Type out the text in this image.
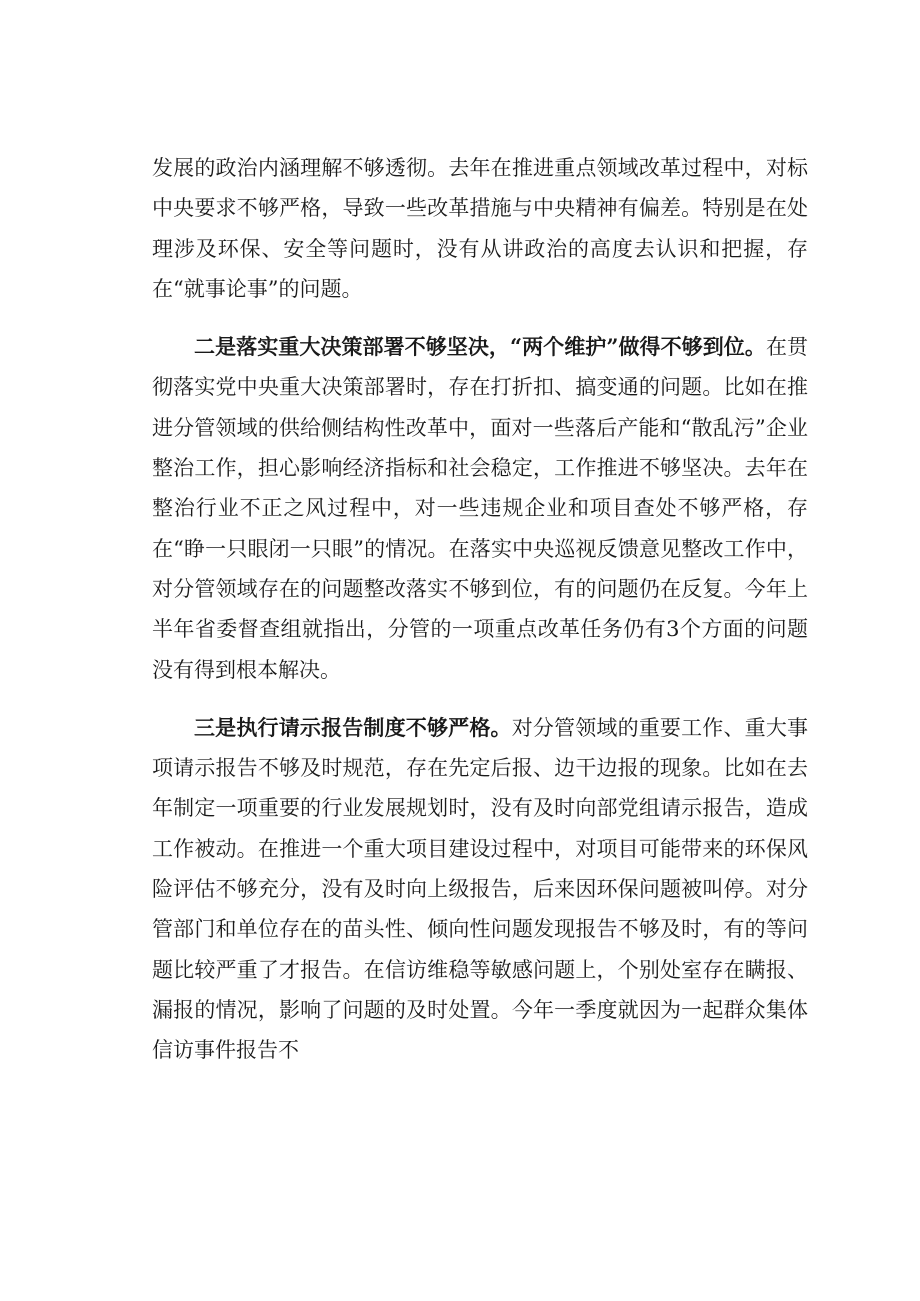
发展的政治内涵理解不够透彻。去年在推进重点领域改革过程中，对标中央要求不够严格，导致一些改革措施与中央精神有偏差。特别是在处理涉及环保、安全等问题时，没有从讲政治的高度去认识和把握，存在“就事论事”的问题。

二是落实重大决策部署不够坚决，“两个维护”做得不够到位。在贯彻落实党中央重大决策部署时，存在打折扣、搞变通的问题。比如在推进分管领域的供给侧结构性改革中，面对一些落后产能和“散乱污”企业整治工作，担心影响经济指标和社会稳定，工作推进不够坚决。去年在整治行业不正之风过程中，对一些违规企业和项目查处不够严格，存在“睁一只眼闭一只眼”的情况。在落实中央巡视反馈意见整改工作中，对分管领域存在的问题整改落实不够到位，有的问题仍在反复。今年上半年省委督查组就指出，分管的一项重点改革任务仍有3个方面的问题没有得到根本解决。

三是执行请示报告制度不够严格。对分管领域的重要工作、重大事项请示报告不够及时规范，存在先定后报、边干边报的现象。比如在去年制定一项重要的行业发展规划时，没有及时向部党组请示报告，造成工作被动。在推进一个重大项目建设过程中，对项目可能带来的环保风险评估不够充分，没有及时向上级报告，后来因环保问题被叫停。对分管部门和单位存在的苗头性、倾向性问题发现报告不够及时，有的等问题比较严重了才报告。在信访维稳等敏感问题上，个别处室存在瞒报、漏报的情况，影响了问题的及时处置。今年一季度就因为一起群众集体信访事件报告不
